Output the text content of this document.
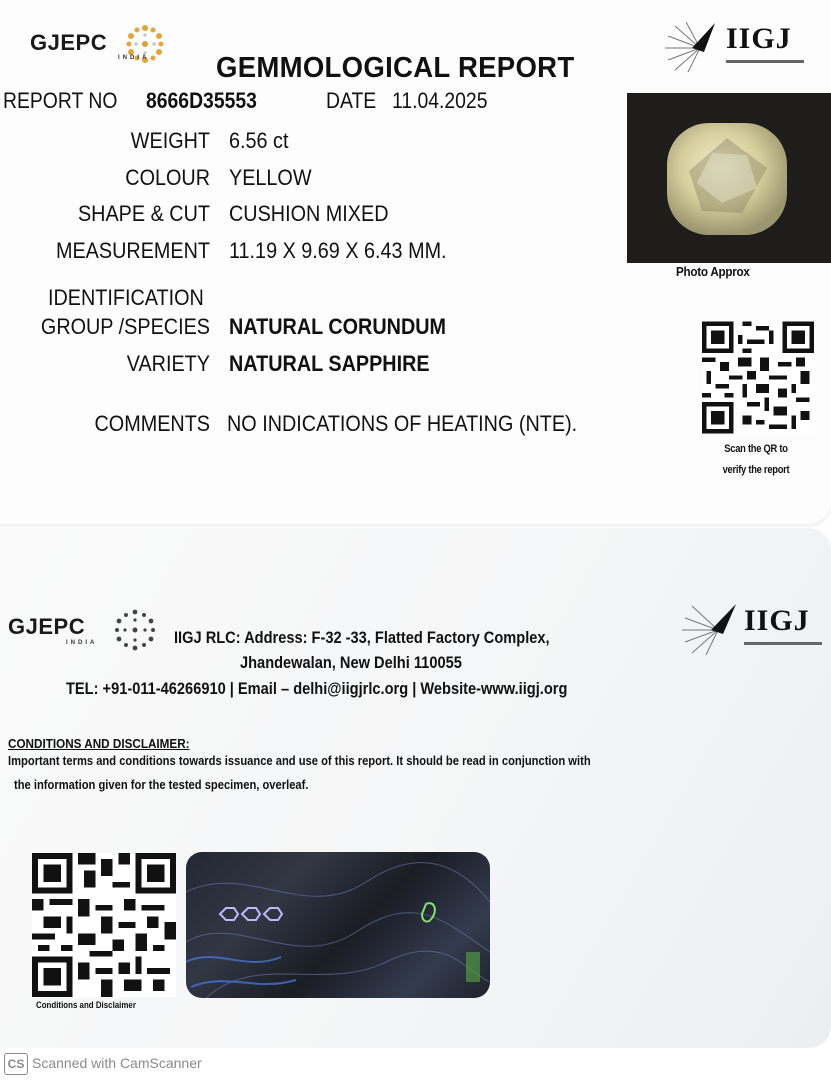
GJEPC
INDIA
IIGJ
GEMMOLOGICAL REPORT
REPORT NO 8666D35553	DATE 11.04.2025
WEIGHT 6.56 ct
COLOUR YELLOW
SHAPE & CUT CUSHION MIXED
MEASUREMENT 11.19 X 9.69 X 6.43 MM.
IDENTIFICATION
GROUP /SPECIES NATURAL CORUNDUM
VARIETY NATURAL SAPPHIRE
COMMENTS NO INDICATIONS OF HEATING (NTE).
Photo Approx
Scan the QR to
verify the report
GJEPC
INDIA
IIGJ
IIGJ RLC: Address: F-32 -33, Flatted Factory Complex,
Jhandewalan, New Delhi 110055
TEL: +91-011-46266910 | Email – delhi@iigjrlc.org | Website-www.iigj.org
CONDITIONS AND DISCLAIMER:
Important terms and conditions towards issuance and use of this report. It should be read in conjunction with
the information given for the tested specimen, overleaf.
Conditions and Disclaimer
CS Scanned with CamScanner
